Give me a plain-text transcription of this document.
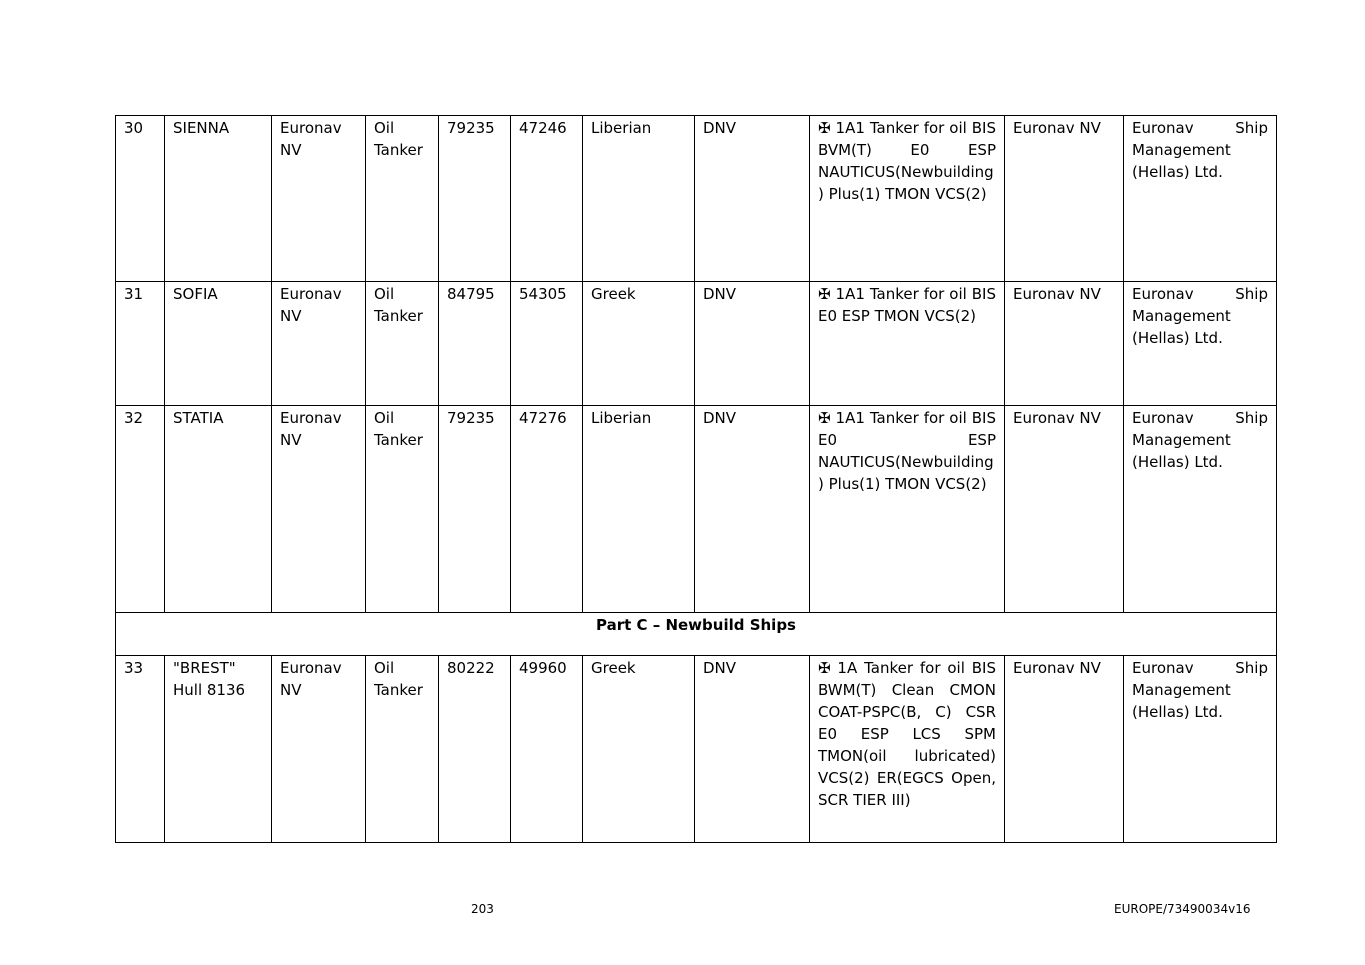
30	SIENNA	Euronav NV	Oil Tanker	79235	47246	Liberian	DNV	✠ 1A1 Tanker for oil BIS BVM(T) E0 ESP NAUTICUS(Newbuilding) Plus(1) TMON VCS(2)	Euronav NV	Euronav Ship Management (Hellas) Ltd.
31	SOFIA	Euronav NV	Oil Tanker	84795	54305	Greek	DNV	✠ 1A1 Tanker for oil BIS E0 ESP TMON VCS(2)	Euronav NV	Euronav Ship Management (Hellas) Ltd.
32	STATIA	Euronav NV	Oil Tanker	79235	47276	Liberian	DNV	✠ 1A1 Tanker for oil BIS E0 ESP NAUTICUS(Newbuilding) Plus(1) TMON VCS(2)	Euronav NV	Euronav Ship Management (Hellas) Ltd.
Part C – Newbuild Ships										
33	"BREST" Hull 8136	Euronav NV	Oil Tanker	80222	49960	Greek	DNV	✠ 1A Tanker for oil BIS BWM(T) Clean CMON COAT-PSPC(B, C) CSR E0 ESP LCS SPM TMON(oil lubricated) VCS(2) ER(EGCS Open, SCR TIER III)	Euronav NV	Euronav Ship Management (Hellas) Ltd.
203	EUROPE/73490034v16
